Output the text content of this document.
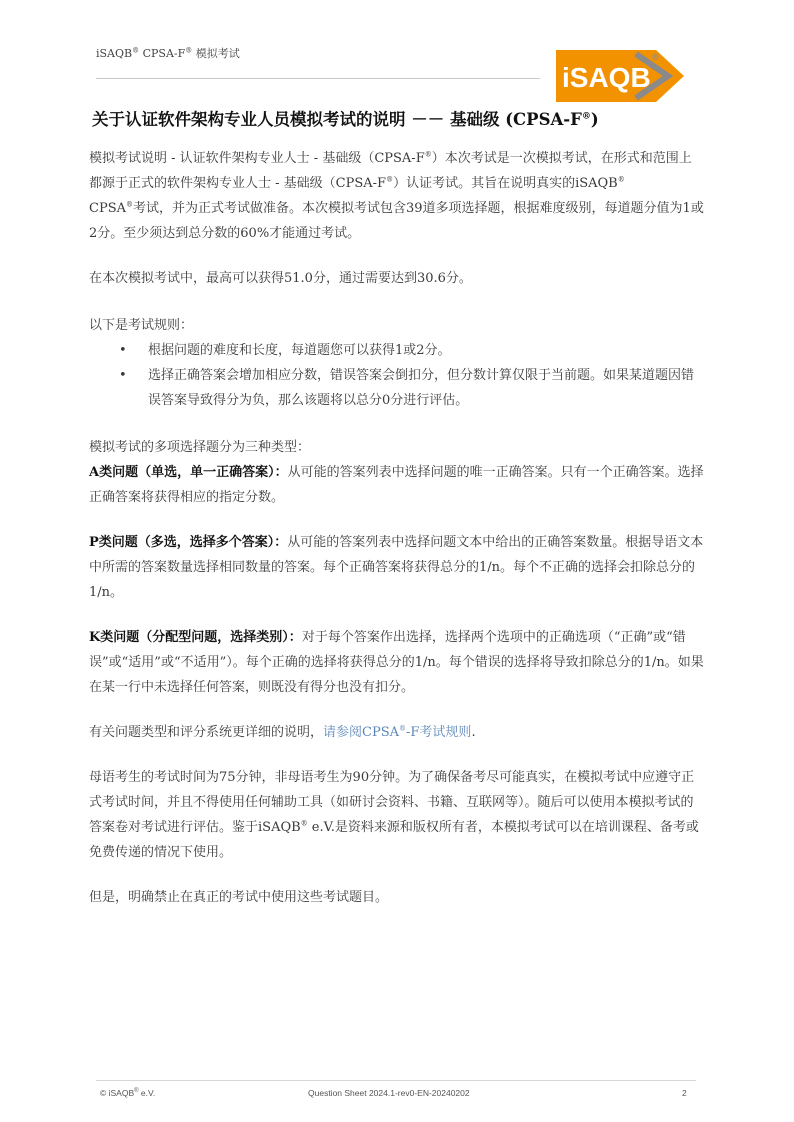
iSAQB® CPSA-F® 模拟考试
iSAQB
®
关于认证软件架构专业人员模拟考试的说明 －－ 基础级 (CPSA-F®)

模拟考试说明 - 认证软件架构专业人士 - 基础级（CPSA-F®）本次考试是一次模拟考试，在形式和范围上都源于正式的软件架构专业人士 - 基础级（CPSA-F®）认证考试。其旨在说明真实的iSAQB®
CPSA®考试，并为正式考试做准备。本次模拟考试包含39道多项选择题，根据难度级别，每道题分值为1或2分。至少须达到总分数的60%才能通过考试。

在本次模拟考试中，最高可以获得51.0分，通过需要达到30.6分。

以下是考试规则：

• 根据问题的难度和长度，每道题您可以获得1或2分。
• 选择正确答案会增加相应分数，错误答案会倒扣分，但分数计算仅限于当前题。如果某道题因错误答案导致得分为负，那么该题将以总分0分进行评估。

模拟考试的多项选择题分为三种类型：

A类问题（单选，单一正确答案）：从可能的答案列表中选择问题的唯一正确答案。只有一个正确答案。选择正确答案将获得相应的指定分数。

P类问题（多选，选择多个答案）：从可能的答案列表中选择问题文本中给出的正确答案数量。根据导语文本中所需的答案数量选择相同数量的答案。每个正确答案将获得总分的1/n。每个不正确的选择会扣除总分的1/n。

K类问题（分配型问题，选择类别）：对于每个答案作出选择，选择两个选项中的正确选项（“正确”或“错误”或“适用”或“不适用”）。每个正确的选择将获得总分的1/n。每个错误的选择将导致扣除总分的1/n。如果在某一行中未选择任何答案，则既没有得分也没有扣分。

有关问题类型和评分系统更详细的说明，请参阅CPSA®-F考试规则.

母语考生的考试时间为75分钟，非母语考生为90分钟。为了确保备考尽可能真实，在模拟考试中应遵守正式考试时间，并且不得使用任何辅助工具（如研讨会资料、书籍、互联网等）。随后可以使用本模拟考试的答案卷对考试进行评估。鉴于iSAQB® e.V.是资料来源和版权所有者，本模拟考试可以在培训课程、备考或免费传递的情况下使用。

但是，明确禁止在真正的考试中使用这些考试题目。

© iSAQB® e.V.	Question Sheet 2024.1-rev0-EN-20240202	2
